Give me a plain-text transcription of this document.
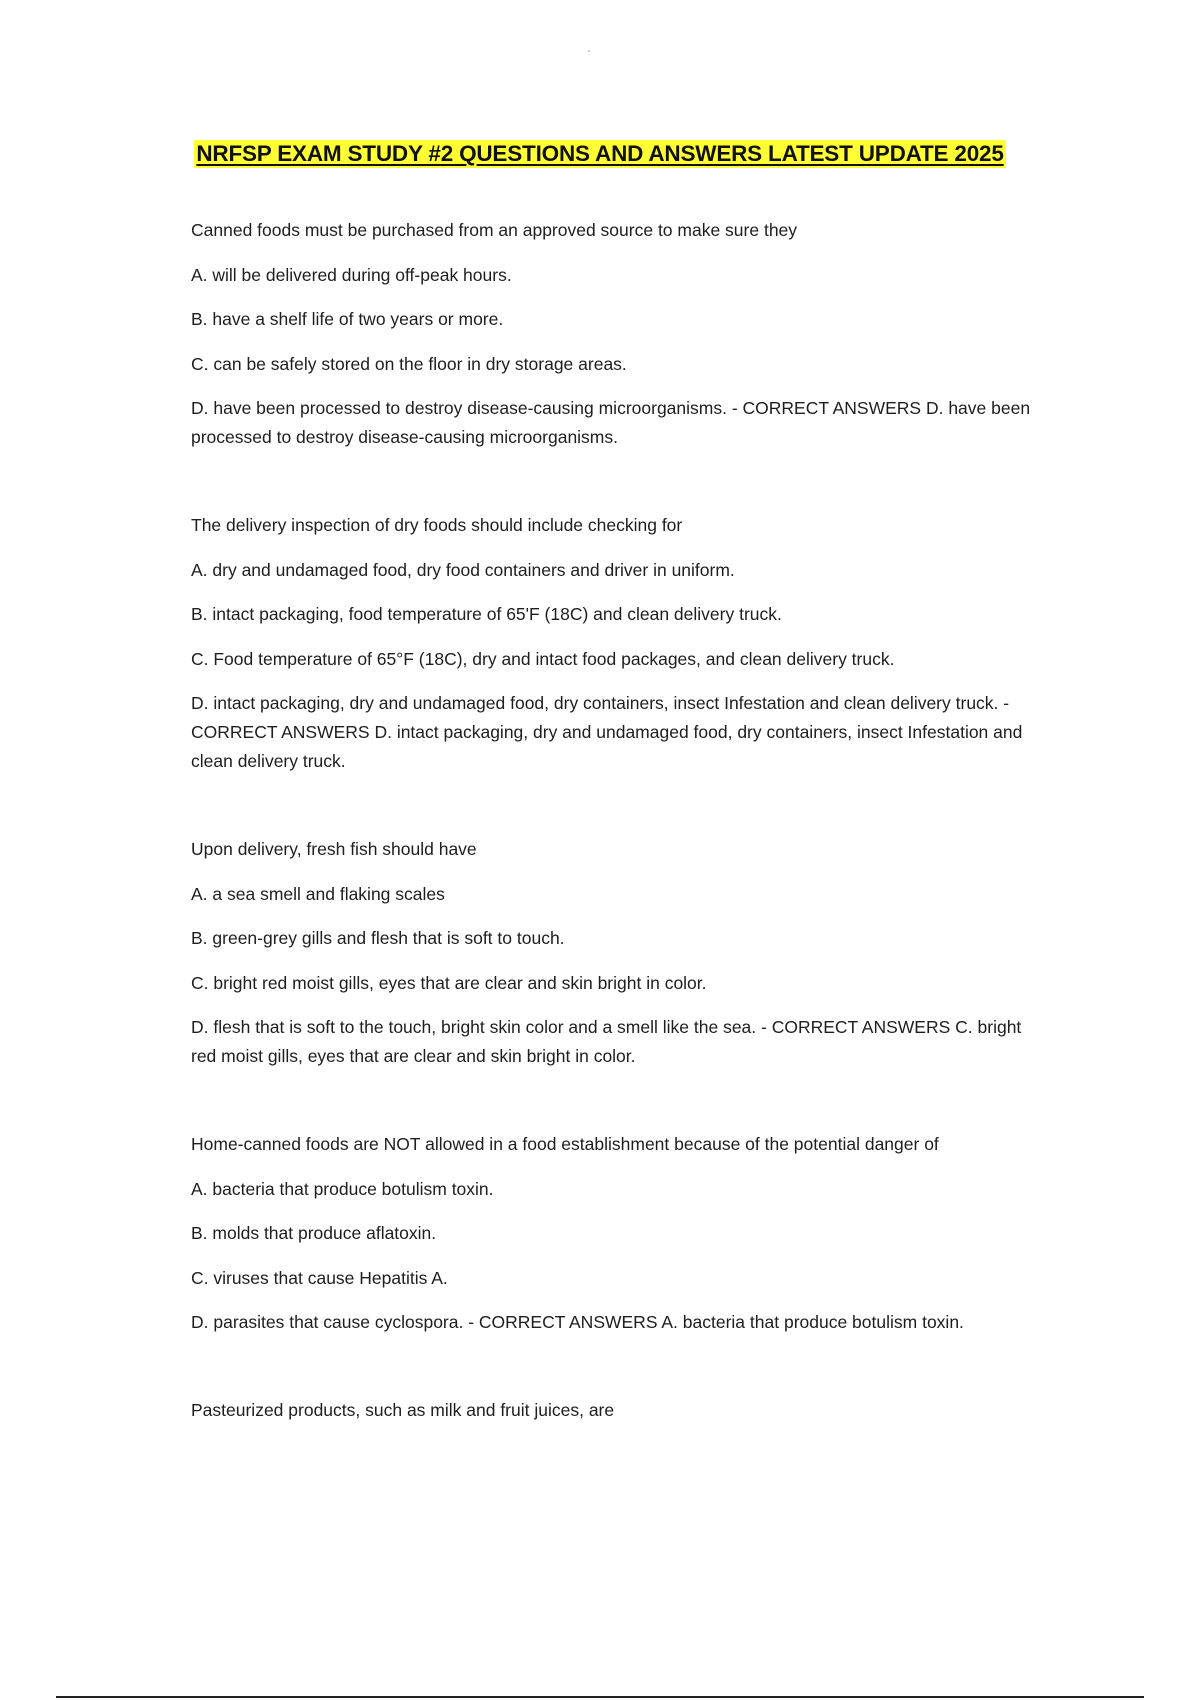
NRFSP EXAM STUDY #2 QUESTIONS AND ANSWERS LATEST UPDATE 2025

Canned foods must be purchased from an approved source to make sure they

A. will be delivered during off-peak hours.

B. have a shelf life of two years or more.

C. can be safely stored on the floor in dry storage areas.

D. have been processed to destroy disease-causing microorganisms. - CORRECT ANSWERS D. have been processed to destroy disease-causing microorganisms.

The delivery inspection of dry foods should include checking for

A. dry and undamaged food, dry food containers and driver in uniform.

B. intact packaging, food temperature of 65'F (18C) and clean delivery truck.

C. Food temperature of 65°F (18C), dry and intact food packages, and clean delivery truck.

D. intact packaging, dry and undamaged food, dry containers, insect Infestation and clean delivery truck. - CORRECT ANSWERS D. intact packaging, dry and undamaged food, dry containers, insect Infestation and clean delivery truck.

Upon delivery, fresh fish should have

A. a sea smell and flaking scales

B. green-grey gills and flesh that is soft to touch.

C. bright red moist gills, eyes that are clear and skin bright in color.

D. flesh that is soft to the touch, bright skin color and a smell like the sea. - CORRECT ANSWERS C. bright red moist gills, eyes that are clear and skin bright in color.

Home-canned foods are NOT allowed in a food establishment because of the potential danger of

A. bacteria that produce botulism toxin.

B. molds that produce aflatoxin.

C. viruses that cause Hepatitis A.

D. parasites that cause cyclospora. - CORRECT ANSWERS A. bacteria that produce botulism toxin.

Pasteurized products, such as milk and fruit juices, are
